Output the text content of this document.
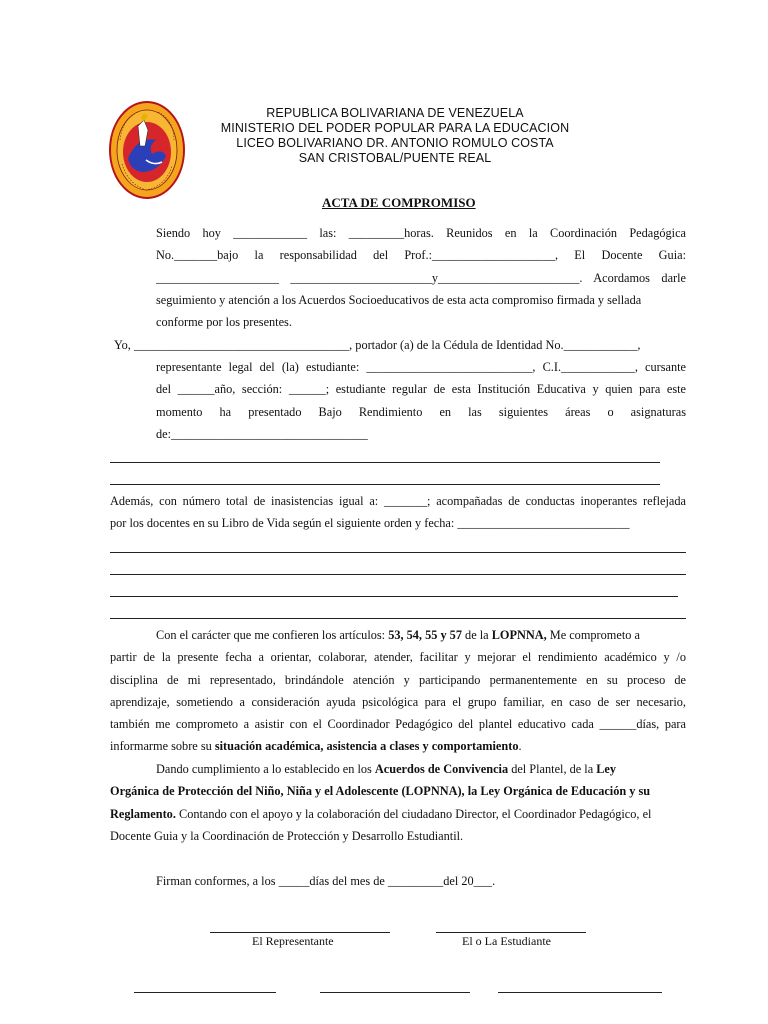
REPUBLICA BOLIVARIANA DE VENEZUELA
MINISTERIO DEL PODER POPULAR PARA LA EDUCACION
LICEO BOLIVARIANO DR. ANTONIO ROMULO COSTA
SAN CRISTOBAL/PUENTE REAL
ACTA DE COMPROMISO
Siendo hoy ____________ las: _________horas. Reunidos en la Coordinación Pedagógica
No._______bajo la responsabilidad del Prof.:____________________, El Docente Guia:
____________________ _______________________y_______________________. Acordamos darle
seguimiento y atención a los Acuerdos Socioeducativos de esta acta compromiso firmada y sellada
conforme por los presentes.
Yo, ___________________________________, portador (a) de la Cédula de Identidad No.____________,
representante legal del (la) estudiante: ___________________________, C.I.____________, cursante
del ______año, sección: ______; estudiante regular de esta Institución Educativa y quien para este
momento ha presentado Bajo Rendimiento en las siguientes áreas o asignaturas
de:________________________________
Además, con número total de inasistencias igual a: _______; acompañadas de conductas inoperantes reflejada
por los docentes en su Libro de Vida según el siguiente orden y fecha: ____________________________
Con el carácter que me confieren los artículos: 53, 54, 55 y 57 de la LOPNNA, Me comprometo a
partir de la presente fecha a orientar, colaborar, atender, facilitar y mejorar el rendimiento académico y /o
disciplina de mi representado, brindándole atención y participando permanentemente en su proceso de
aprendizaje, sometiendo a consideración ayuda psicológica para el grupo familiar, en caso de ser necesario,
también me comprometo a asistir con el Coordinador Pedagógico del plantel educativo cada ______días, para
informarme sobre su situación académica, asistencia a clases y comportamiento.
Dando cumplimiento a lo establecido en los Acuerdos de Convivencia del Plantel, de la Ley
Orgánica de Protección del Niño, Niña y el Adolescente (LOPNNA), la Ley Orgánica de Educación y su
Reglamento. Contando con el apoyo y la colaboración del ciudadano Director, el Coordinador Pedagógico, el
Docente Guia y la Coordinación de Protección y Desarrollo Estudiantil.
Firman conformes, a los _____días del mes de _________del 20___.
El Representante	El o La Estudiante
